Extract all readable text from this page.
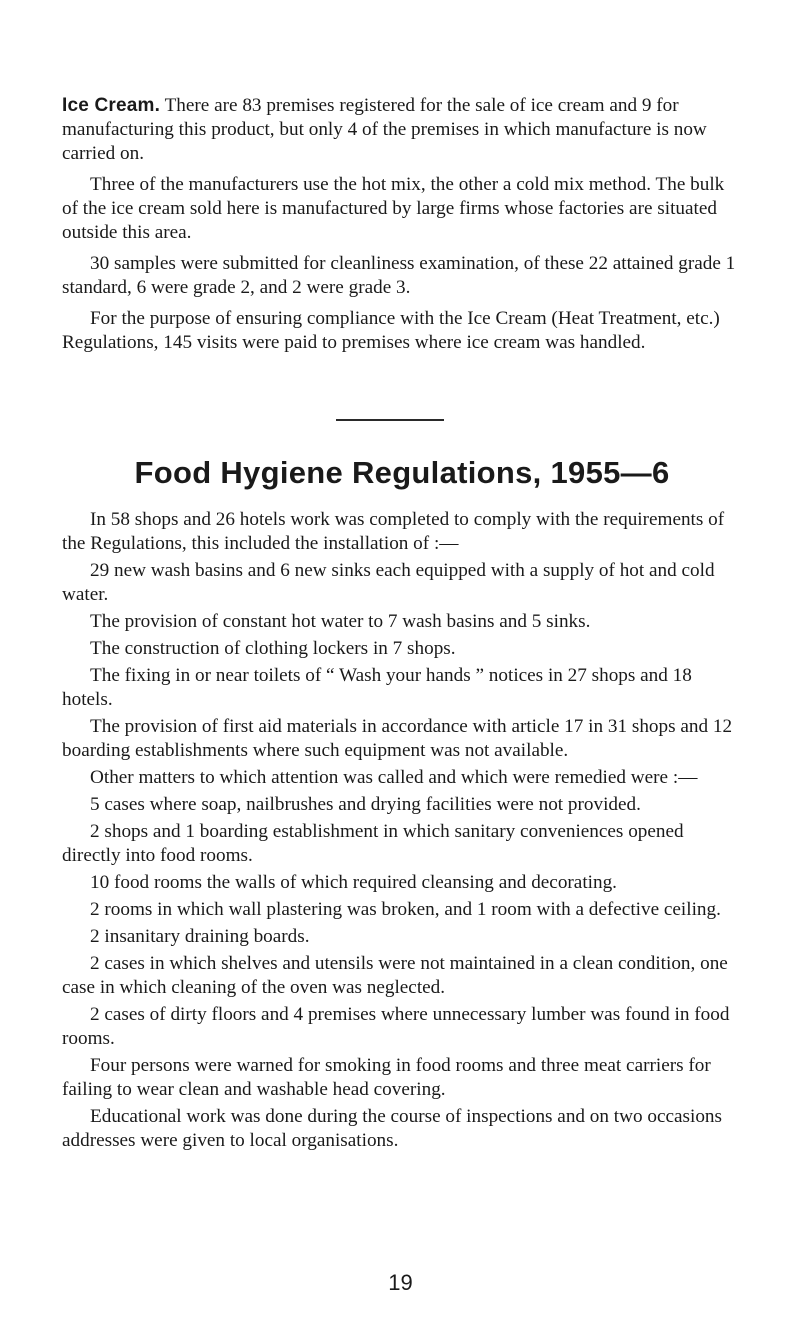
Ice Cream. There are 83 premises registered for the sale of ice cream and 9 for manufacturing this product, but only 4 of the premises in which manufacture is now carried on.

Three of the manufacturers use the hot mix, the other a cold mix method. The bulk of the ice cream sold here is manufactured by large firms whose factories are situated outside this area.

30 samples were submitted for cleanliness examination, of these 22 attained grade 1 standard, 6 were grade 2, and 2 were grade 3.

For the purpose of ensuring compliance with the Ice Cream (Heat Treatment, etc.) Regulations, 145 visits were paid to premises where ice cream was handled.

Food Hygiene Regulations, 1955—6

In 58 shops and 26 hotels work was completed to comply with the requirements of the Regulations, this included the installation of :—

29 new wash basins and 6 new sinks each equipped with a supply of hot and cold water.

The provision of constant hot water to 7 wash basins and 5 sinks.

The construction of clothing lockers in 7 shops.

The fixing in or near toilets of “ Wash your hands ” notices in 27 shops and 18 hotels.

The provision of first aid materials in accordance with article 17 in 31 shops and 12 boarding establishments where such equipment was not available.

Other matters to which attention was called and which were remedied were :—

5 cases where soap, nailbrushes and drying facilities were not provided.

2 shops and 1 boarding establishment in which sanitary conveniences opened directly into food rooms.

10 food rooms the walls of which required cleansing and decorating.

2 rooms in which wall plastering was broken, and 1 room with a defective ceiling.

2 insanitary draining boards.

2 cases in which shelves and utensils were not maintained in a clean condition, one case in which cleaning of the oven was neglected.

2 cases of dirty floors and 4 premises where unnecessary lumber was found in food rooms.

Four persons were warned for smoking in food rooms and three meat carriers for failing to wear clean and washable head covering.

Educational work was done during the course of inspections and on two occasions addresses were given to local organisations.

19
